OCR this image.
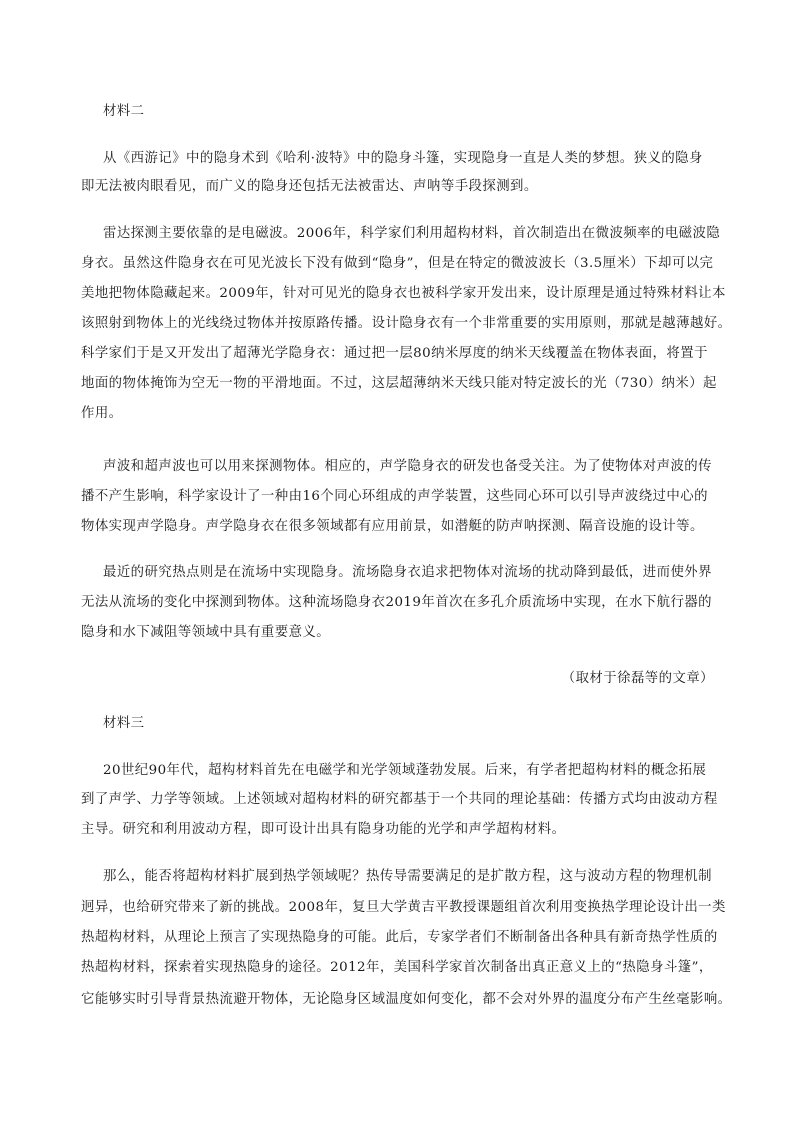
材料二
从《西游记》中的隐身术到《哈利·波特》中的隐身斗篷，实现隐身一直是人类的梦想。狭义的隐身
即无法被肉眼看见，而广义的隐身还包括无法被雷达、声呐等手段探测到。
雷达探测主要依靠的是电磁波。2006年，科学家们利用超构材料，首次制造出在微波频率的电磁波隐
身衣。虽然这件隐身衣在可见光波长下没有做到“隐身”，但是在特定的微波波长（3.5厘米）下却可以完
美地把物体隐藏起来。2009年，针对可见光的隐身衣也被科学家开发出来，设计原理是通过特殊材料让本
该照射到物体上的光线绕过物体并按原路传播。设计隐身衣有一个非常重要的实用原则，那就是越薄越好。
科学家们于是又开发出了超薄光学隐身衣：通过把一层80纳米厚度的纳米天线覆盖在物体表面，将置于
地面的物体掩饰为空无一物的平滑地面。不过，这层超薄纳米天线只能对特定波长的光（730）纳米）起
作用。
声波和超声波也可以用来探测物体。相应的，声学隐身衣的研发也备受关注。为了使物体对声波的传
播不产生影响，科学家设计了一种由16个同心环组成的声学装置，这些同心环可以引导声波绕过中心的
物体实现声学隐身。声学隐身衣在很多领域都有应用前景，如潜艇的防声呐探测、隔音设施的设计等。
最近的研究热点则是在流场中实现隐身。流场隐身衣追求把物体对流场的扰动降到最低，进而使外界
无法从流场的变化中探测到物体。这种流场隐身衣2019年首次在多孔介质流场中实现，在水下航行器的
隐身和水下减阻等领域中具有重要意义。
（取材于徐磊等的文章）
材料三
20世纪90年代，超构材料首先在电磁学和光学领域蓬勃发展。后来，有学者把超构材料的概念拓展
到了声学、力学等领域。上述领域对超构材料的研究都基于一个共同的理论基础：传播方式均由波动方程
主导。研究和利用波动方程，即可设计出具有隐身功能的光学和声学超构材料。
那么，能否将超构材料扩展到热学领域呢？热传导需要满足的是扩散方程，这与波动方程的物理机制
迥异，也给研究带来了新的挑战。2008年，复旦大学黄吉平教授课题组首次利用变换热学理论设计出一类
热超构材料，从理论上预言了实现热隐身的可能。此后，专家学者们不断制备出各种具有新奇热学性质的
热超构材料，探索着实现热隐身的途径。2012年，美国科学家首次制备出真正意义上的“热隐身斗篷”，
它能够实时引导背景热流避开物体，无论隐身区域温度如何变化，都不会对外界的温度分布产生丝毫影响。
